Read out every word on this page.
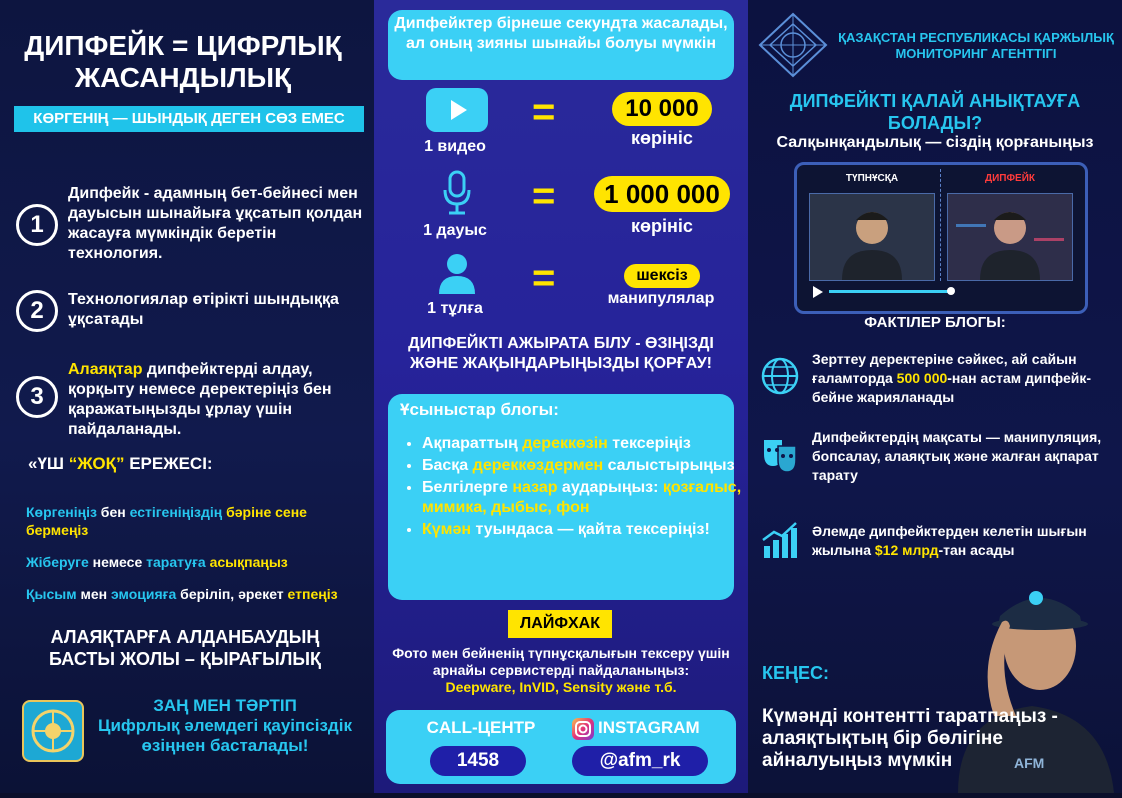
ДИПФЕЙК = ЦИФРЛЫҚ ЖАСАНДЫЛЫҚ
КӨРГЕНІҢ — ШЫНДЫҚ ДЕГЕН СӨЗ ЕМЕС
1
Дипфейк - адамның бет-бейнесі мен дауысын шынайыға ұқсатып қолдан жасауға мүмкіндік беретін технология.
2	Технологиялар өтірікті шындыққа ұқсатады
3
Алаяқтар дипфейктерді алдау, қорқыту немесе деректеріңіз бен қаражатыңызды ұрлау үшін пайдаланады.
«ҮШ “ЖОҚ” ЕРЕЖЕСІ:
Көргеніңіз бен естігеніңіздің бәріне сене бермеңіз
Жіберуге немесе таратуға асықпаңыз
Қысым мен эмоцияға беріліп, әрекет етпеңіз
АЛАЯҚТАРҒА АЛДАНБАУДЫҢ БАСТЫ ЖОЛЫ – ҚЫРАҒЫЛЫҚ
ЗАҢ МЕН ТӘРТІП
Цифрлық әлемдегі қауіпсіздік өзіңнен басталады!
Дипфейктер бірнеше секундта жасалады, ал оның зияны шынайы болуы мүмкін
1 видео
=	10 000
көрініс
1 дауыс
=	1 000 000
көрініс
1 тұлға
=	шексіз
манипулялар
ДИПФЕЙКТІ АЖЫРАТА БІЛУ - ӨЗІҢІЗДІ ЖӘНЕ ЖАҚЫНДАРЫҢЫЗДЫ ҚОРҒАУ!
Ұсыныстар блогы:
• Ақпараттың дереккөзін тексеріңіз
• Басқа дереккөздермен салыстырыңыз
• Белгілерге назар аударыңыз: қозғалыс, мимика, дыбыс, фон
• Күмән туындаса — қайта тексеріңіз!
ЛАЙФХАК
Фото мен бейненің түпнұсқалығын тексеру үшін арнайы сервистерді пайдаланыңыз:
Deepware, InVID, Sensity және т.б.
CALL-ЦЕНТР
1458
INSTAGRAM
@afm_rk
ҚАЗАҚСТАН РЕСПУБЛИКАСЫ ҚАРЖЫЛЫҚ МОНИТОРИНГ АГЕНТТІГІ
ДИПФЕЙКТІ ҚАЛАЙ АНЫҚТАУҒА БОЛАДЫ?
Салқынқандылық — сіздің қорғаныңыз
ТҮПНҰСҚА	ДИПФЕЙК
ФАКТІЛЕР БЛОГЫ:
Зерттеу деректеріне сәйкес, ай сайын ғаламторда 500 000-нан астам дипфейк-бейне жарияланады
Дипфейктердің мақсаты — манипуляция, бопсалау, алаяқтық және жалған ақпарат тарату
Әлемде дипфейктерден келетін шығын жылына $12 млрд-тан асады
AFM
КЕҢЕС:
Күмәнді контентті таратпаңыз - алаяқтықтың бір бөлігіне айналуыңыз мүмкін
